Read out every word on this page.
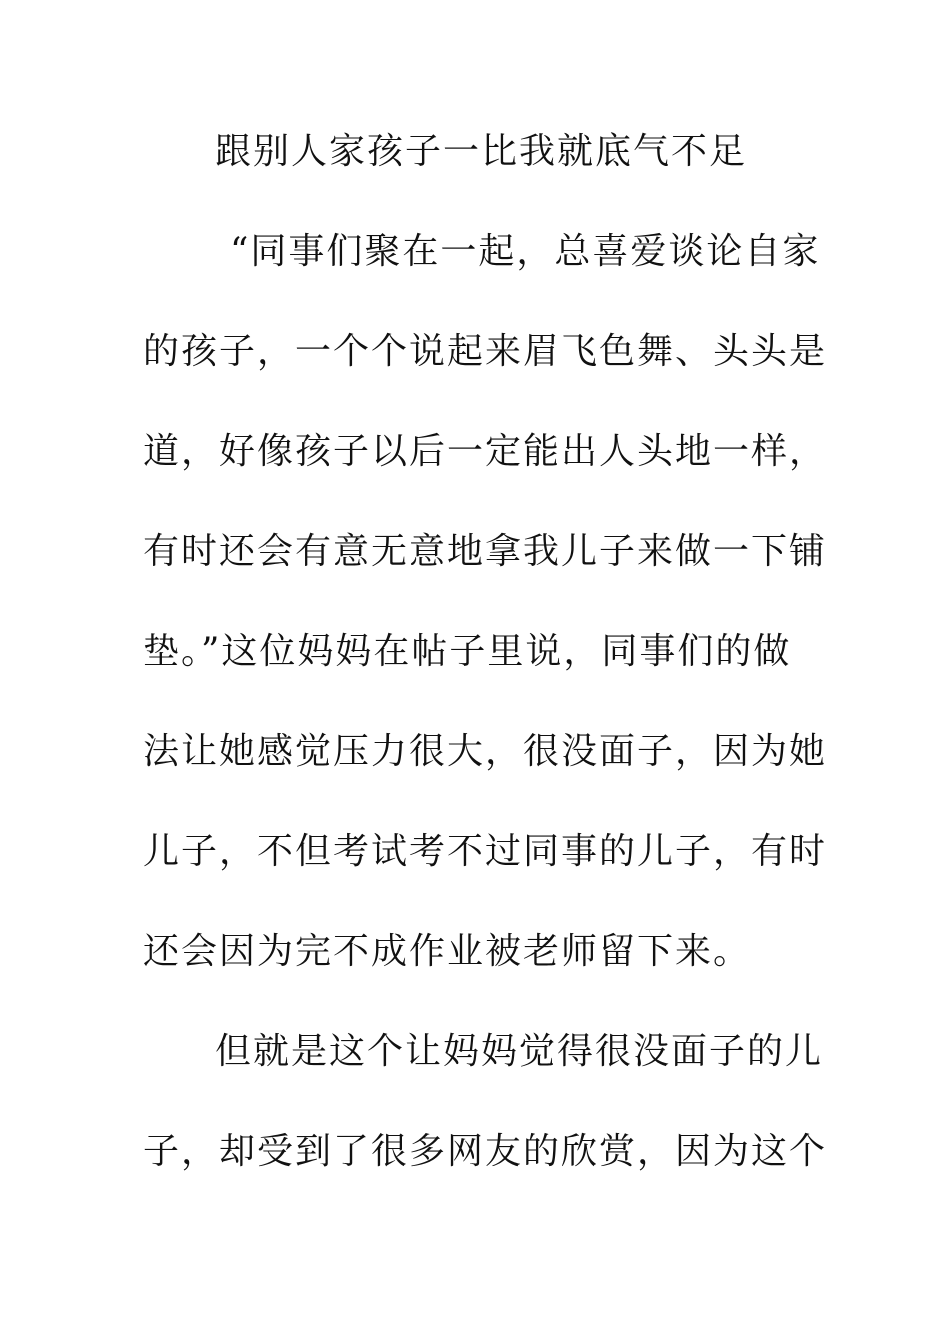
跟别人家孩子一比我就底气不足
“同事们聚在一起，总喜爱谈论自家
的孩子，一个个说起来眉飞色舞、头头是
道，好像孩子以后一定能出人头地一样，
有时还会有意无意地拿我儿子来做一下铺
垫。”这位妈妈在帖子里说，同事们的做
法让她感觉压力很大，很没面子，因为她
儿子，不但考试考不过同事的儿子，有时
还会因为完不成作业被老师留下来。
但就是这个让妈妈觉得很没面子的儿
子，却受到了很多网友的欣赏，因为这个
